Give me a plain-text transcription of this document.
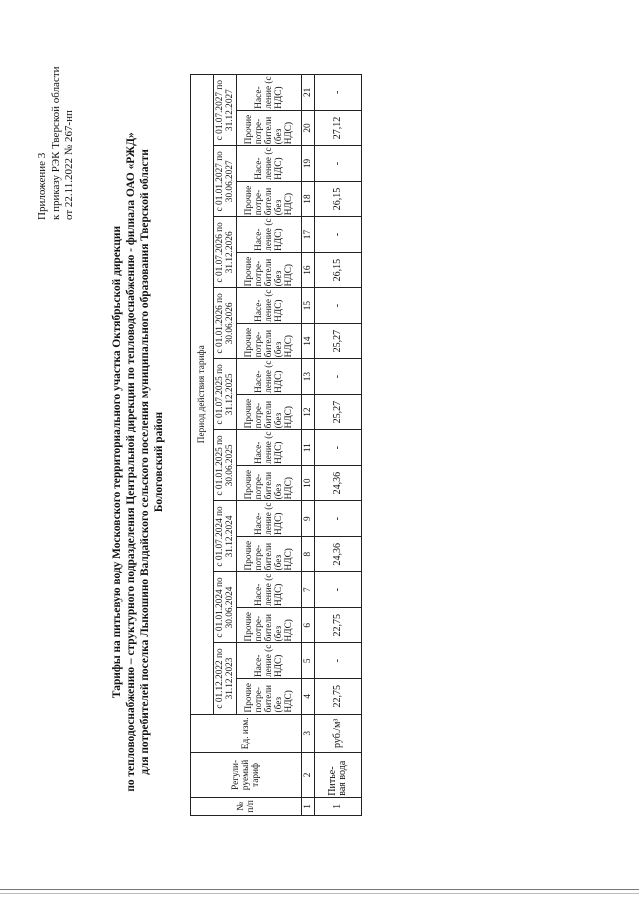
Приложение 3 к приказу РЭК Тверской области от 22.11.2022 № 267-нп
Тарифы на питьевую воду Московского территориального участка Октябрьской дирекции по тепловодоснабжению – структурного подразделения Центральной дирекции по тепловодоснабжению - филиала ОАО «РЖД» для потребителей поселка Лыкошино Валдайского сельского поселения муниципального образования Тверской области Бологовский район
№ п/п	Регули-руемый тариф	Ед. изм.	Период действия тарифа																	
			с 01.12.2022 по 31.12.2023		с 01.01.2024 по 30.06.2024		с 01.07.2024 по 31.12.2024		с 01.01.2025 по 30.06.2025		с 01.07.2025 по 31.12.2025		с 01.01.2026 по 30.06.2026		с 01.07.2026 по 31.12.2026		с 01.01.2027 по 30.06.2027		с 01.07.2027 по 31.12.2027	
			Прочие потре-бители (без НДС)	Насе-ление (с НДС)	Прочие потре-бители (без НДС)	Насе-ление (с НДС)	Прочие потре-бители (без НДС)	Насе-ление (с НДС)	Прочие потре-бители (без НДС)	Насе-ление (с НДС)	Прочие потре-бители (без НДС)	Насе-ление (с НДС)	Прочие потре-бители (без НДС)	Насе-ление (с НДС)	Прочие потре-бители (без НДС)	Насе-ление (с НДС)	Прочие потре-бители (без НДС)	Насе-ление (с НДС)	Прочие потре-бители (без НДС)	Насе-ление (с НДС)
1	2	3	4	5	6	7	8	9	10	11	12	13	14	15	16	17	18	19	20	21
1	Питье-вая вода	руб./м³	22,75	-	22,75	-	24,36	-	24,36	-	25,27	-	25,27	-	26,15	-	26,15	-	27,12	-
